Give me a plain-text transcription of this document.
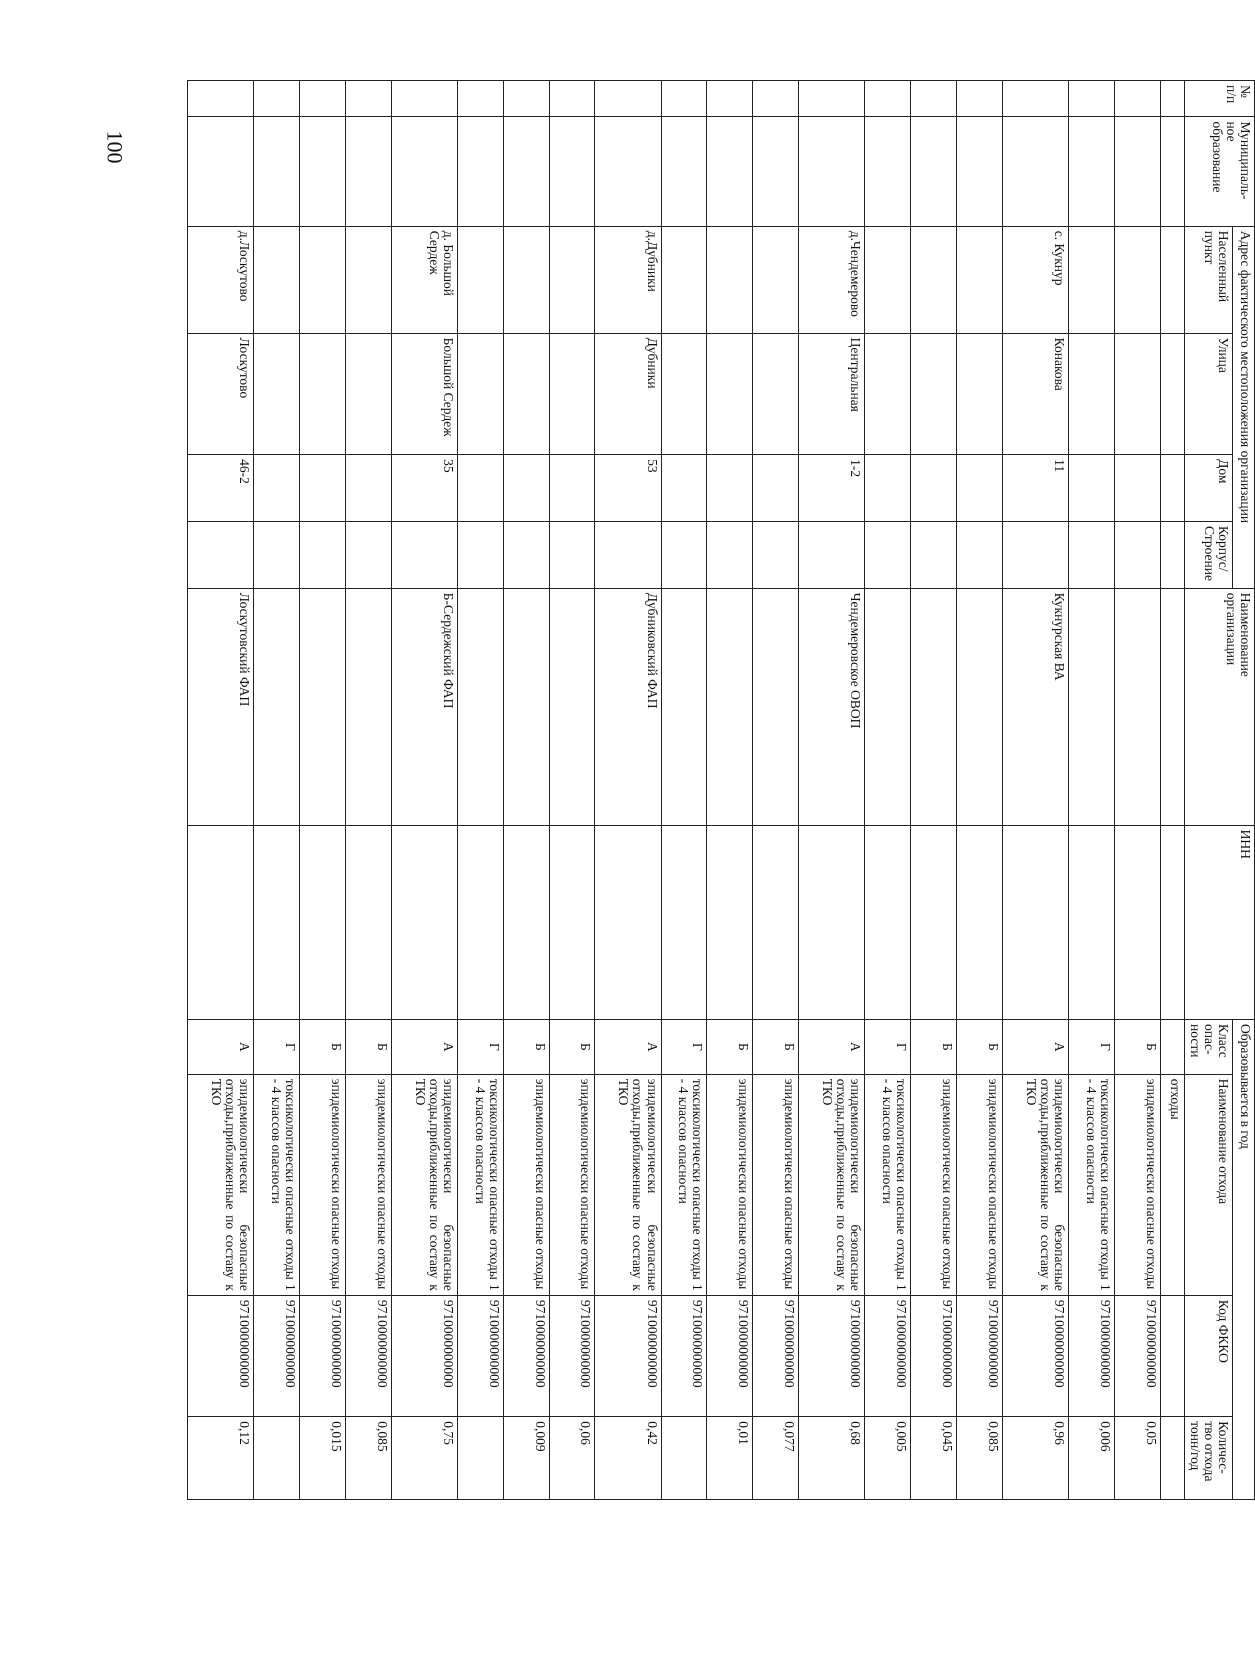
100
№
п/п	Муниципаль-
ное
образование	Адрес фактического местоположения организации				Наименование
организации	ИНН	Образовывается в год			
		Населенный
пункт	Улица	Дом	Корпус/
Строение			Класс
опас-
ности	Наименование отхода	Код ФККО	Количес-
тво отхода
тонн/год
									отходы		
								Б	эпидемиологически опасные отходы	9710000000000	0,05
								Г	токсикологически опасные отходы 1 - 4 классов опасности	9710000000000	0,006
		с. Кукнур	Конакова	11		Кукнурская ВА		А	эпидемиологически безопасные отходы,приближенные по составу к ТКО	9710000000000	0,96
								Б	эпидемиологически опасные отходы	9710000000000	0,085
								Б	эпидемиологически опасные отходы	9710000000000	0,045
								Г	токсикологически опасные отходы 1 - 4 классов опасности	9710000000000	0,005
		д.Чендемерово	Центральная	1-2		Чендемеровское ОВОП		А	эпидемиологически безопасные отходы,приближенные по составу к ТКО	9710000000000	0,68
								Б	эпидемиологически опасные отходы	9710000000000	0,077
								Б	эпидемиологически опасные отходы	9710000000000	0,01
								Г	токсикологически опасные отходы 1 - 4 классов опасности	9710000000000	
		д.Дубники	Дубники	53		Дубниковский ФАП		А	эпидемиологически безопасные отходы,приближенные по составу к ТКО	9710000000000	0,42
								Б	эпидемиологически опасные отходы	9710000000000	0,06
								Б	эпидемиологически опасные отходы	9710000000000	0,009
								Г	токсикологически опасные отходы 1 - 4 классов опасности	9710000000000	
		д. Большой Сердеж	Большой Сердеж	35		Б-Сердежский ФАП		А	эпидемиологически безопасные отходы,приближенные по составу к ТКО	9710000000000	0,75
								Б	эпидемиологически опасные отходы	9710000000000	0,085
								Б	эпидемиологически опасные отходы	9710000000000	0,015
								Г	токсикологически опасные отходы 1 - 4 классов опасности	9710000000000	
		д.Лоскутово	Лоскутово	46-2		Лоскутовский ФАП		А	эпидемиологически безопасные отходы,приближенные по составу к ТКО	9710000000000	0,12
